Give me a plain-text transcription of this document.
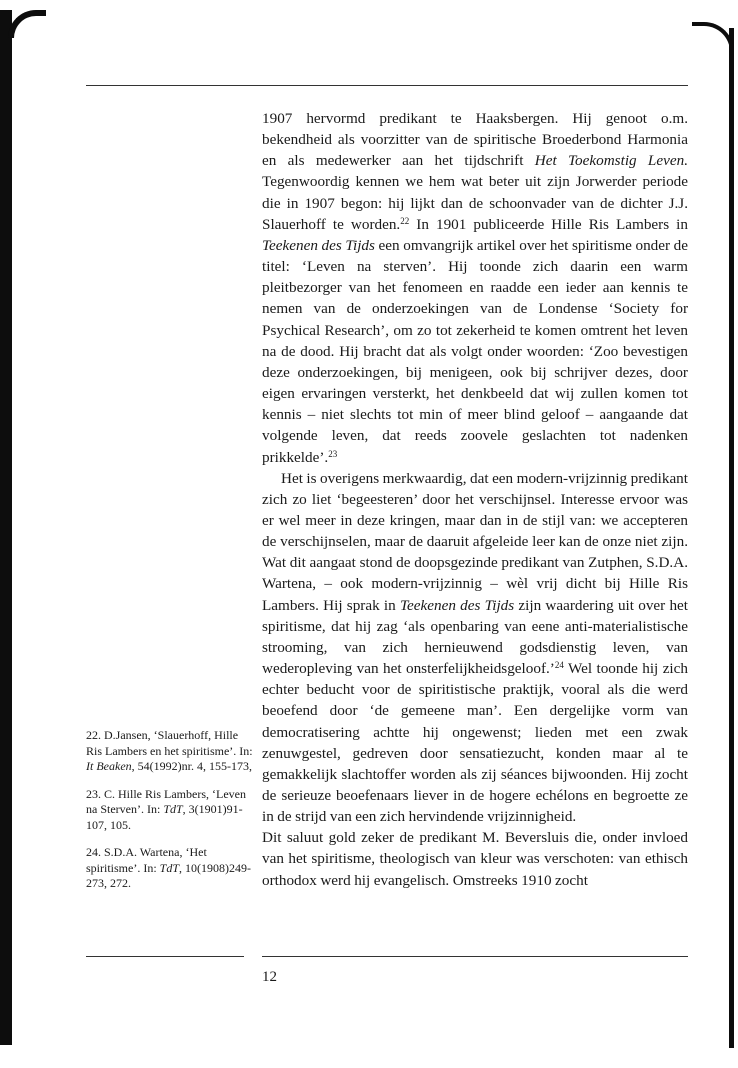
1907 hervormd predikant te Haaksbergen. Hij genoot o.m. bekendheid als voorzitter van de spiritische Broederbond Harmonia en als medewerker aan het tijdschrift Het Toekomstig Leven. Tegenwoordig kennen we hem wat beter uit zijn Jorwerder periode die in 1907 begon: hij lijkt dan de schoonvader van de dichter J.J. Slauerhoff te worden.$^{22}$ In 1901 publiceerde Hille Ris Lambers in Teekenen des Tijds een omvangrijk artikel over het spiritisme onder de titel: ‘Leven na sterven’. Hij toonde zich daarin een warm pleitbezorger van het fenomeen en raadde een ieder aan kennis te nemen van de onderzoekingen van de Londense ‘Society for Psychical Research’, om zo tot zekerheid te komen omtrent het leven na de dood. Hij bracht dat als volgt onder woorden: ‘Zoo bevestigen deze onderzoekingen, bij menigeen, ook bij schrijver dezes, door eigen ervaringen versterkt, het denkbeeld dat wij zullen komen tot kennis – niet slechts tot min of meer blind geloof – aangaande dat volgende leven, dat reeds zoovele geslachten tot nadenken prikkelde’.$^{23}$

Het is overigens merkwaardig, dat een modern-vrijzinnig predikant zich zo liet ‘begeesteren’ door het verschijnsel. Interesse ervoor was er wel meer in deze kringen, maar dan in de stijl van: we accepteren de verschijnselen, maar de daaruit afgeleide leer kan de onze niet zijn. Wat dit aangaat stond de doopsgezinde predikant van Zutphen, S.D.A. Wartena, – ook modern-vrijzinnig – wèl vrij dicht bij Hille Ris Lambers. Hij sprak in Teekenen des Tijds zijn waardering uit over het spiritisme, dat hij zag ‘als openbaring van eene anti-materialistische strooming, van zich hernieuwend godsdienstig leven, van wederopleving van het onsterfelijkheidsgeloof.’$^{24}$ Wel toonde hij zich echter beducht voor de spiritistische praktijk, vooral als die werd beoefend door ‘de gemeene man’. Een dergelijke vorm van democratisering achtte hij ongewenst; lieden met een zwak zenuwgestel, gedreven door sensatiezucht, konden maar al te gemakkelijk slachtoffer worden als zij séances bijwoonden. Hij zocht de serieuze beoefenaars liever in de hogere echélons en begroette ze in de strijd van een zich hervindende vrijzinnigheid.

Dit saluut gold zeker de predikant M. Beversluis die, onder invloed van het spiritisme, theologisch van kleur was verschoten: van ethisch orthodox werd hij evangelisch. Omstreeks 1910 zocht

22. D.Jansen, ‘Slauerhoff, Hille Ris Lambers en het spiritisme’. In: It Beaken, 54(1992)nr. 4, 155-173,

23. C. Hille Ris Lambers, ‘Leven na Sterven’. In: TdT, 3(1901)91-107, 105.

24. S.D.A. Wartena, ‘Het spiritisme’. In: TdT, 10(1908)249-273, 272.

12
